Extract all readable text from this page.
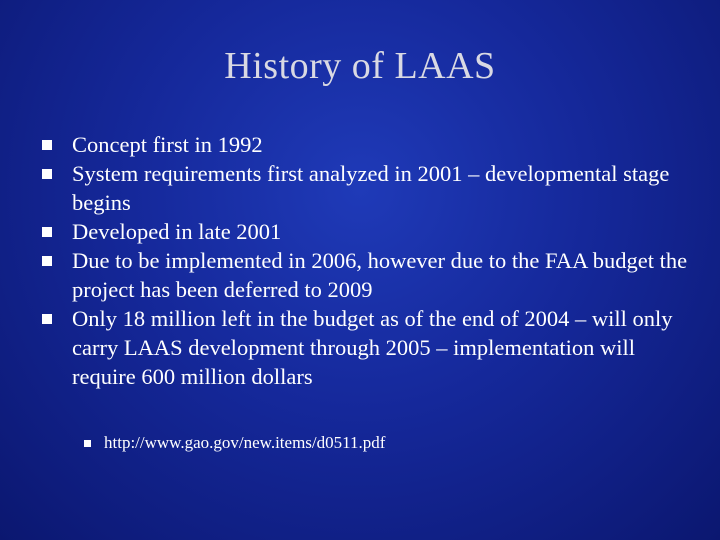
History of LAAS
Concept first in 1992
System requirements first analyzed in 2001 – developmental stage begins
Developed in late 2001
Due to be implemented in 2006, however due to the FAA budget the project has been deferred to 2009
Only 18 million left in the budget as of the end of 2004 – will only carry LAAS development through 2005 – implementation will require 600 million dollars
http://www.gao.gov/new.items/d0511.pdf
